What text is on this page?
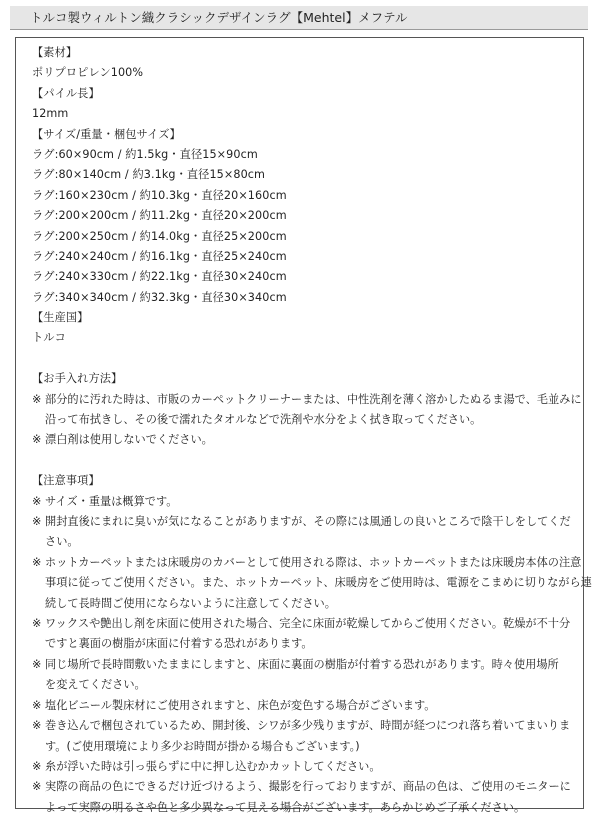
トルコ製ウィルトン織クラシックデザインラグ【Mehtel】メフテル
【素材】
ポリプロピレン100%
【パイル長】
12mm
【サイズ/重量・梱包サイズ】
ラグ:60×90cm / 約1.5kg・直径15×90cm
ラグ:80×140cm / 約3.1kg・直径15×80cm
ラグ:160×230cm / 約10.3kg・直径20×160cm
ラグ:200×200cm / 約11.2kg・直径20×200cm
ラグ:200×250cm / 約14.0kg・直径25×200cm
ラグ:240×240cm / 約16.1kg・直径25×240cm
ラグ:240×330cm / 約22.1kg・直径30×240cm
ラグ:340×340cm / 約32.3kg・直径30×340cm
【生産国】
トルコ
【お手入れ方法】
※ 部分的に汚れた時は、市販のカーペットクリーナーまたは、中性洗剤を薄く溶かしたぬるま湯で、毛並みに
沿って布拭きし、その後で濡れたタオルなどで洗剤や水分をよく拭き取ってください。
※ 漂白剤は使用しないでください。
【注意事項】
※ サイズ・重量は概算です。
※ 開封直後にまれに臭いが気になることがありますが、その際には風通しの良いところで陰干しをしてくだ
さい。
※ ホットカーペットまたは床暖房のカバーとして使用される際は、ホットカーペットまたは床暖房本体の注意
事項に従ってご使用ください。また、ホットカーペット、床暖房をご使用時は、電源をこまめに切りながら連
続して長時間ご使用にならないように注意してください。
※ ワックスや艶出し剤を床面に使用された場合、完全に床面が乾燥してからご使用ください。乾燥が不十分
ですと裏面の樹脂が床面に付着する恐れがあります。
※ 同じ場所で長時間敷いたままにしますと、床面に裏面の樹脂が付着する恐れがあります。時々使用場所
を変えてください。
※ 塩化ビニール製床材にご使用されますと、床色が変色する場合がございます。
※ 巻き込んで梱包されているため、開封後、シワが多少残りますが、時間が経つにつれ落ち着いてまいりま
す。(ご使用環境により多少お時間が掛かる場合もございます。)
※ 糸が浮いた時は引っ張らずに中に押し込むかカットしてください。
※ 実際の商品の色にできるだけ近づけるよう、撮影を行っておりますが、商品の色は、ご使用のモニターに
よって実際の明るさや色と多少異なって見える場合がございます。あらかじめご了承ください。
